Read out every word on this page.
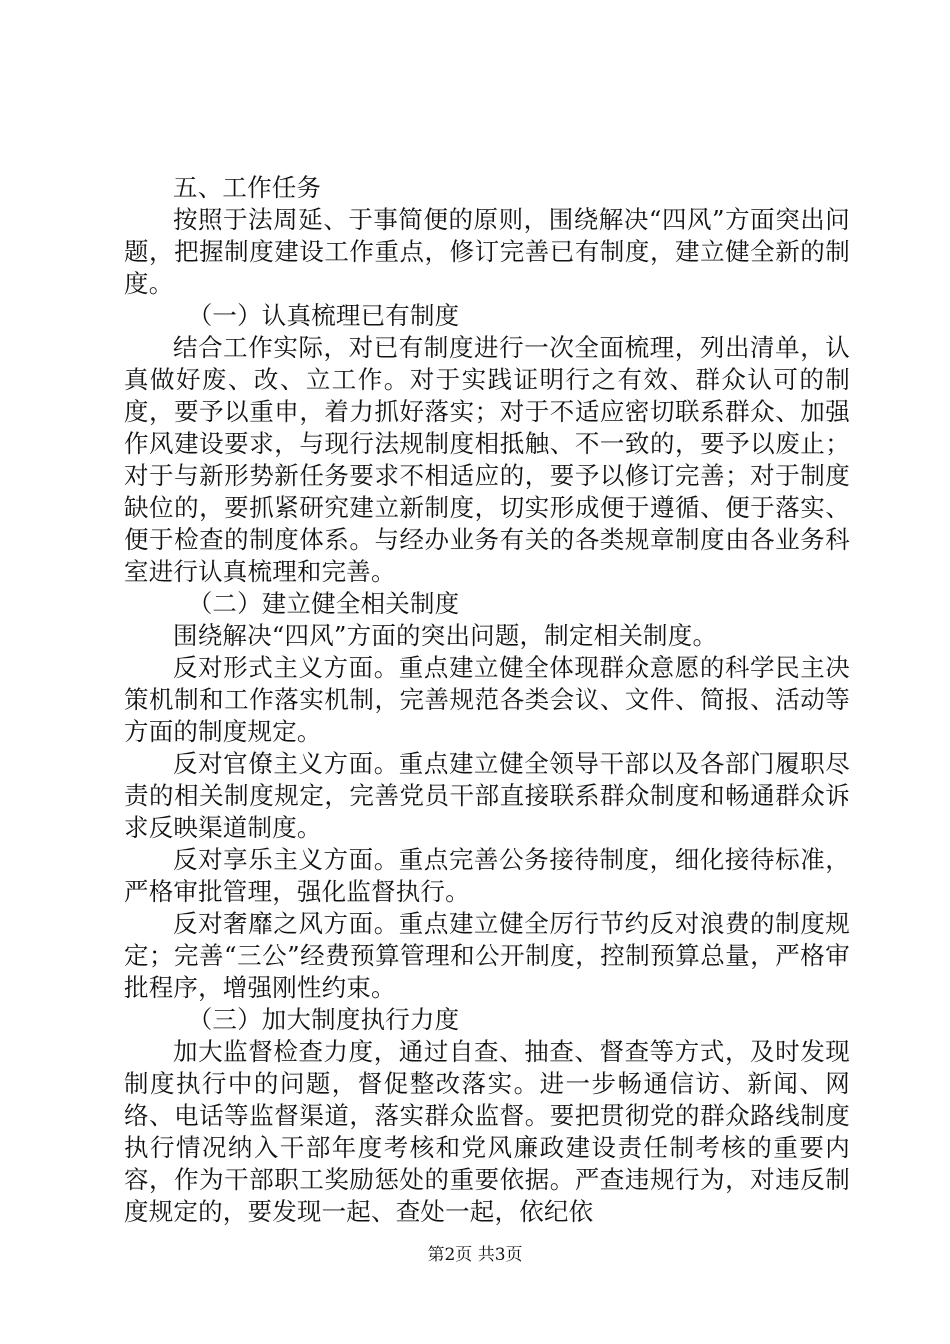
五、工作任务

按照于法周延、于事简便的原则，围绕解决“四风”方面突出问题，把握制度建设工作重点，修订完善已有制度，建立健全新的制度。

（一）认真梳理已有制度

结合工作实际，对已有制度进行一次全面梳理，列出清单，认真做好废、改、立工作。对于实践证明行之有效、群众认可的制度，要予以重申，着力抓好落实；对于不适应密切联系群众、加强作风建设要求，与现行法规制度相抵触、不一致的，要予以废止；对于与新形势新任务要求不相适应的，要予以修订完善；对于制度缺位的，要抓紧研究建立新制度，切实形成便于遵循、便于落实、便于检查的制度体系。与经办业务有关的各类规章制度由各业务科室进行认真梳理和完善。

（二）建立健全相关制度

围绕解决“四风”方面的突出问题，制定相关制度。

反对形式主义方面。重点建立健全体现群众意愿的科学民主决策机制和工作落实机制，完善规范各类会议、文件、简报、活动等方面的制度规定。

反对官僚主义方面。重点建立健全领导干部以及各部门履职尽责的相关制度规定，完善党员干部直接联系群众制度和畅通群众诉求反映渠道制度。

反对享乐主义方面。重点完善公务接待制度，细化接待标准，严格审批管理，强化监督执行。

反对奢靡之风方面。重点建立健全厉行节约反对浪费的制度规定；完善“三公”经费预算管理和公开制度，控制预算总量，严格审批程序，增强刚性约束。

（三）加大制度执行力度

加大监督检查力度，通过自查、抽查、督查等方式，及时发现制度执行中的问题，督促整改落实。进一步畅通信访、新闻、网络、电话等监督渠道，落实群众监督。要把贯彻党的群众路线制度执行情况纳入干部年度考核和党风廉政建设责任制考核的重要内容，作为干部职工奖励惩处的重要依据。严查违规行为，对违反制度规定的，要发现一起、查处一起，依纪依

第2页 共3页
